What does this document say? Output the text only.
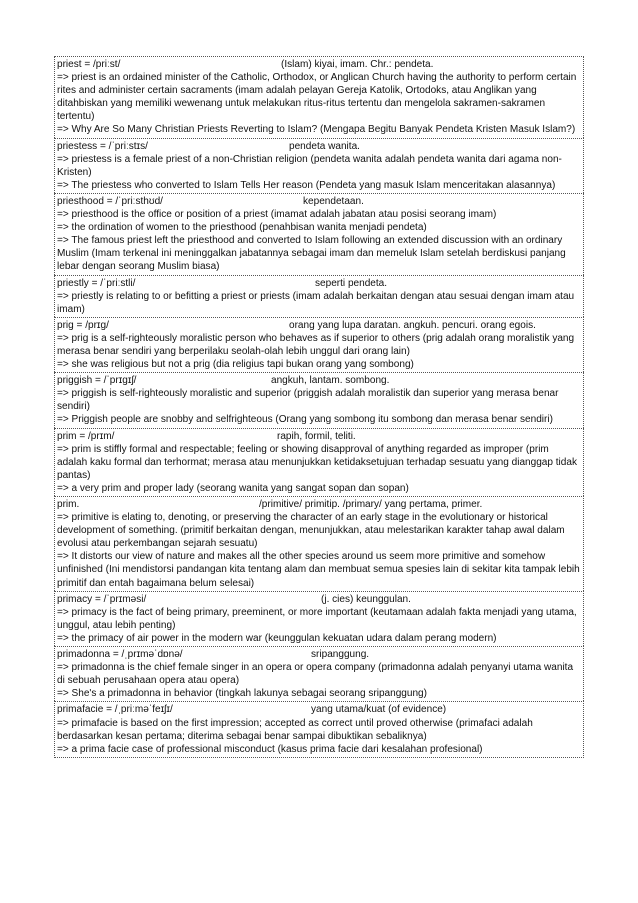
priest = /priːst/	(Islam) kiyai, imam. Chr.: pendeta.
=> priest is an ordained minister of the Catholic, Orthodox, or Anglican Church having the authority to perform certain rites and administer certain sacraments (imam adalah pelayan Gereja Katolik, Ortodoks, atau Anglikan yang ditahbiskan yang memiliki wewenang untuk melakukan ritus-ritus tertentu dan mengelola sakramen-sakramen tertentu)
=> Why Are So Many Christian Priests Reverting to Islam? (Mengapa Begitu Banyak Pendeta Kristen Masuk Islam?)
priestess = /ˈpriːstɪs/	pendeta wanita.
=> priestess is a female priest of a non-Christian religion (pendeta wanita adalah pendeta wanita dari agama non-Kristen)
=> The priestess who converted to Islam Tells Her reason (Pendeta yang masuk Islam menceritakan alasannya)
priesthood = /ˈpriːsthʊd/	kependetaan.
=> priesthood is the office or position of a priest (imamat adalah jabatan atau posisi seorang imam)
=> the ordination of women to the priesthood (penahbisan wanita menjadi pendeta)
=> The famous priest left the priesthood and converted to Islam following an extended discussion with an ordinary Muslim (Imam terkenal ini meninggalkan jabatannya sebagai imam dan memeluk Islam setelah berdiskusi panjang lebar dengan seorang Muslim biasa)
priestly = /ˈpriːstli/	seperti pendeta.
=> priestly is relating to or befitting a priest or priests (imam adalah berkaitan dengan atau sesuai dengan imam atau imam)
prig = /prɪɡ/	orang yang lupa daratan. angkuh. pencuri. orang egois.
=> prig is a self-righteously moralistic person who behaves as if superior to others (prig adalah orang moralistik yang merasa benar sendiri yang berperilaku seolah-olah lebih unggul dari orang lain)
=> she was religious but not a prig (dia religius tapi bukan orang yang sombong)
priggish = /ˈprɪɡɪʃ/	angkuh, lantam. sombong.
=> priggish is self-righteously moralistic and superior (priggish adalah moralistik dan superior yang merasa benar sendiri)
=> Priggish people are snobby and selfrighteous (Orang yang sombong itu sombong dan merasa benar sendiri)
prim = /prɪm/	rapih, formil, teliti.
=> prim is stiffly formal and respectable; feeling or showing disapproval of anything regarded as improper (prim adalah kaku formal dan terhormat; merasa atau menunjukkan ketidaksetujuan terhadap sesuatu yang dianggap tidak pantas)
=> a very prim and proper lady (seorang wanita yang sangat sopan dan sopan)
prim.	/primitive/ primitip. /primary/ yang pertama, primer.
=> primitive is elating to, denoting, or preserving the character of an early stage in the evolutionary or historical development of something. (primitif berkaitan dengan, menunjukkan, atau melestarikan karakter tahap awal dalam evolusi atau perkembangan sejarah sesuatu)
=> It distorts our view of nature and makes all the other species around us seem more primitive and somehow unfinished (Ini mendistorsi pandangan kita tentang alam dan membuat semua spesies lain di sekitar kita tampak lebih primitif dan entah bagaimana belum selesai)
primacy = /ˈprɪməsi/	(j. cies) keunggulan.
=> primacy is the fact of being primary, preeminent, or more important (keutamaan adalah fakta menjadi yang utama, unggul, atau lebih penting)
=> the primacy of air power in the modern war (keunggulan kekuatan udara dalam perang modern)
primadonna = /ˌprɪməˈdɒnə/	sripanggung.
=> primadonna is the chief female singer in an opera or opera company (primadonna adalah penyanyi utama wanita di sebuah perusahaan opera atau opera)
=> She's a primadonna in behavior (tingkah lakunya sebagai seorang sripanggung)
primafacie = /ˌpriːməˈfeɪʃɪ/	yang utama/kuat (of evidence)
=> primafacie is based on the first impression; accepted as correct until proved otherwise (primafaci adalah berdasarkan kesan pertama; diterima sebagai benar sampai dibuktikan sebaliknya)
=> a prima facie case of professional misconduct (kasus prima facie dari kesalahan profesional)
